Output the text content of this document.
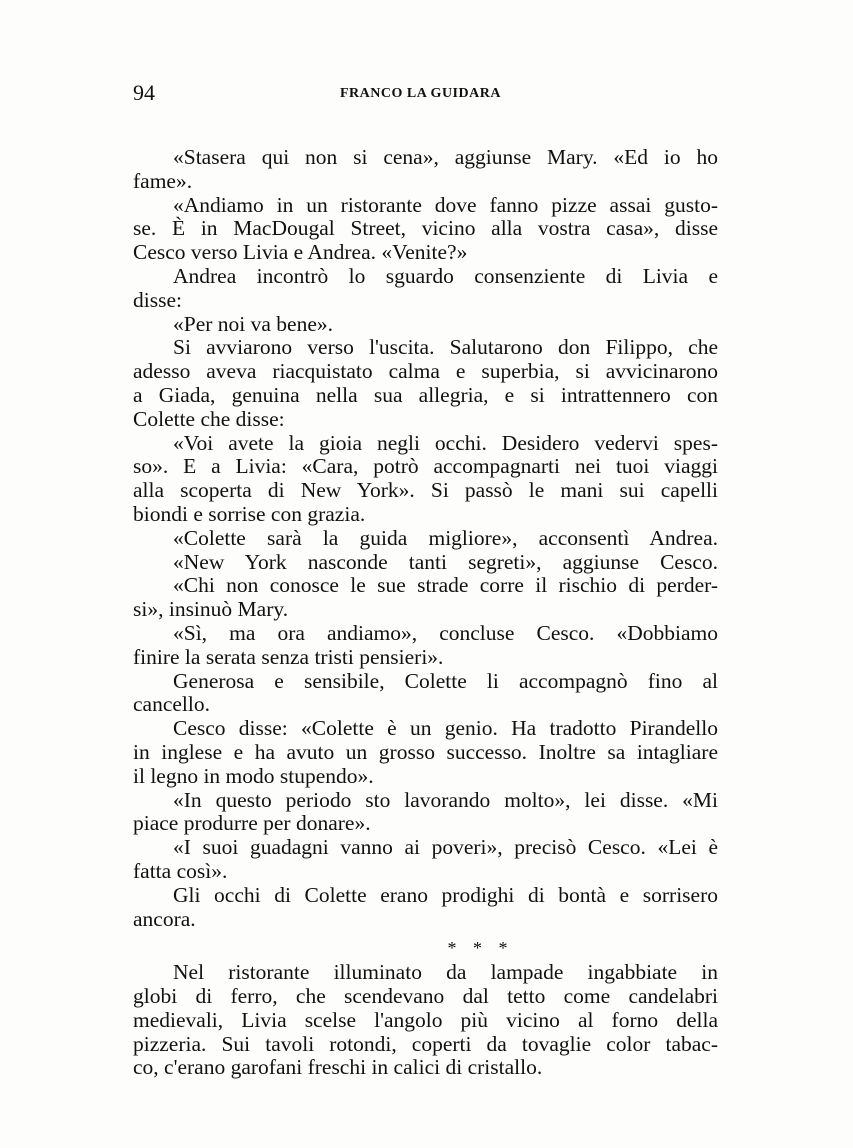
94	FRANCO LA GUIDARA
«Stasera qui non si cena», aggiunse Mary. «Ed io ho
fame».
«Andiamo in un ristorante dove fanno pizze assai gusto-
se. È in MacDougal Street, vicino alla vostra casa», disse
Cesco verso Livia e Andrea. «Venite?»
Andrea incontrò lo sguardo consenziente di Livia e
disse:
«Per noi va bene».
Si avviarono verso l'uscita. Salutarono don Filippo, che
adesso aveva riacquistato calma e superbia, si avvicinarono
a Giada, genuina nella sua allegria, e si intrattennero con
Colette che disse:
«Voi avete la gioia negli occhi. Desidero vedervi spes-
so». E a Livia: «Cara, potrò accompagnarti nei tuoi viaggi
alla scoperta di New York». Si passò le mani sui capelli
biondi e sorrise con grazia.
«Colette sarà la guida migliore», acconsentì Andrea.
«New York nasconde tanti segreti», aggiunse Cesco.
«Chi non conosce le sue strade corre il rischio di perder-
si», insinuò Mary.
«Sì, ma ora andiamo», concluse Cesco. «Dobbiamo
finire la serata senza tristi pensieri».
Generosa e sensibile, Colette li accompagnò fino al
cancello.
Cesco disse: «Colette è un genio. Ha tradotto Pirandello
in inglese e ha avuto un grosso successo. Inoltre sa intagliare
il legno in modo stupendo».
«In questo periodo sto lavorando molto», lei disse. «Mi
piace produrre per donare».
«I suoi guadagni vanno ai poveri», precisò Cesco. «Lei è
fatta così».
Gli occhi di Colette erano prodighi di bontà e sorrisero
ancora.
* * *
Nel ristorante illuminato da lampade ingabbiate in
globi di ferro, che scendevano dal tetto come candelabri
medievali, Livia scelse l'angolo più vicino al forno della
pizzeria. Sui tavoli rotondi, coperti da tovaglie color tabac-
co, c'erano garofani freschi in calici di cristallo.
